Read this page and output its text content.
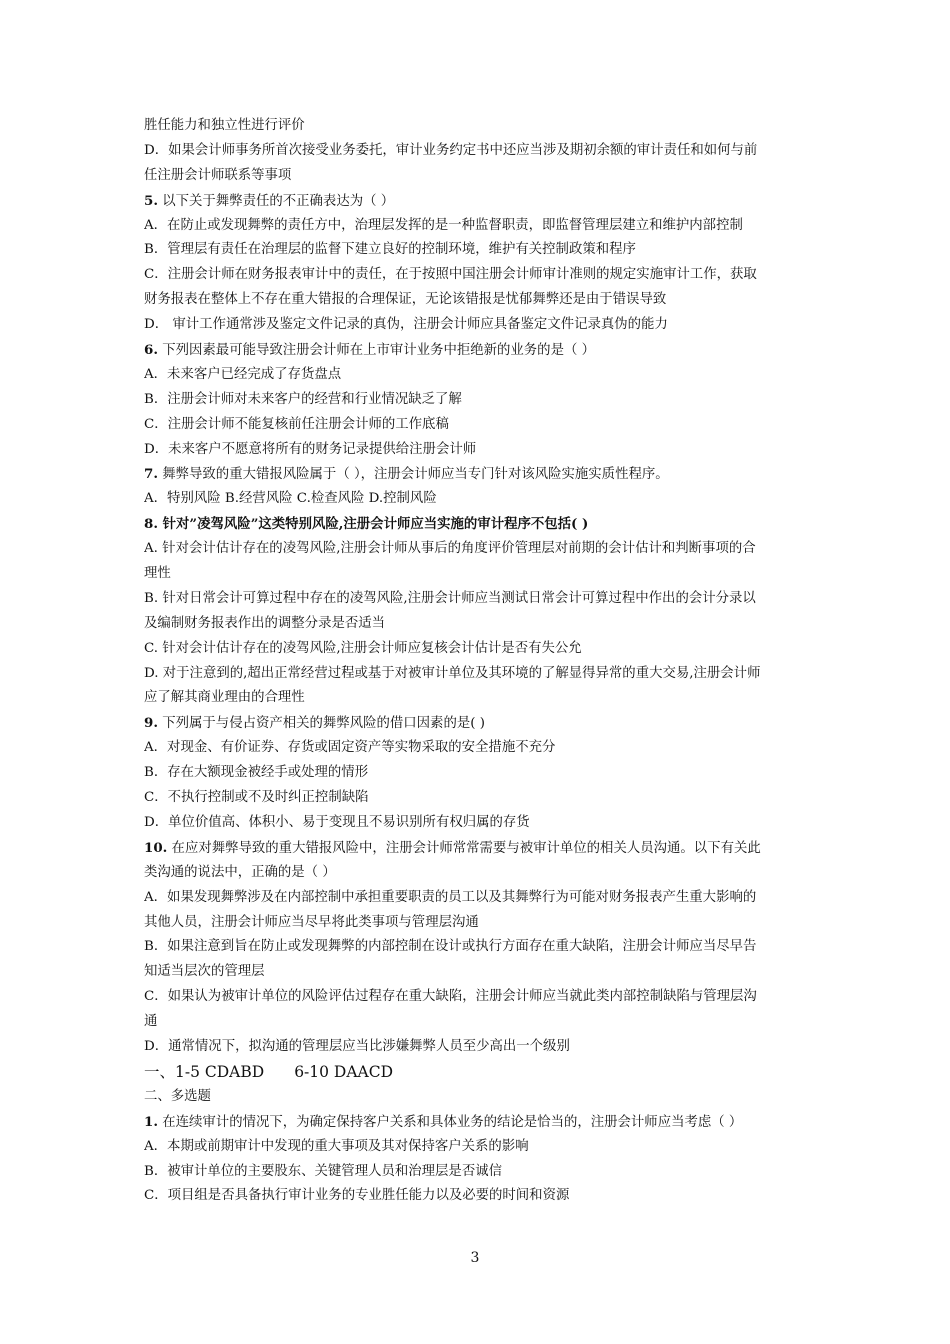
胜任能力和独立性进行评价
D．如果会计师事务所首次接受业务委托，审计业务约定书中还应当涉及期初余额的审计责任和如何与前
任注册会计师联系等事项
5. 以下关于舞弊责任的不正确表达为（ ）
A．在防止或发现舞弊的责任方中，治理层发挥的是一种监督职责，即监督管理层建立和维护内部控制
B．管理层有责任在治理层的监督下建立良好的控制环境，维护有关控制政策和程序
C．注册会计师在财务报表审计中的责任，在于按照中国注册会计师审计准则的规定实施审计工作，获取
财务报表在整体上不存在重大错报的合理保证，无论该错报是忧郁舞弊还是由于错误导致
D． 审计工作通常涉及鉴定文件记录的真伪，注册会计师应具备鉴定文件记录真伪的能力
6. 下列因素最可能导致注册会计师在上市审计业务中拒绝新的业务的是（ ）
A．未来客户已经完成了存货盘点
B．注册会计师对未来客户的经营和行业情况缺乏了解
C．注册会计师不能复核前任注册会计师的工作底稿
D．未来客户不愿意将所有的财务记录提供给注册会计师
7. 舞弊导致的重大错报风险属于（ ），注册会计师应当专门针对该风险实施实质性程序。
A．特别风险 B.经营风险 C.检查风险 D.控制风险
8. 针对”凌驾风险”这类特别风险,注册会计师应当实施的审计程序不包括( )
A. 针对会计估计存在的凌驾风险,注册会计师从事后的角度评价管理层对前期的会计估计和判断事项的合
理性
B. 针对日常会计可算过程中存在的凌驾风险,注册会计师应当测试日常会计可算过程中作出的会计分录以
及编制财务报表作出的调整分录是否适当
C. 针对会计估计存在的凌驾风险,注册会计师应复核会计估计是否有失公允
D. 对于注意到的,超出正常经营过程或基于对被审计单位及其环境的了解显得异常的重大交易,注册会计师
应了解其商业理由的合理性
9. 下列属于与侵占资产相关的舞弊风险的借口因素的是( )
A．对现金、有价证券、存货或固定资产等实物采取的安全措施不充分
B．存在大额现金被经手或处理的情形
C．不执行控制或不及时纠正控制缺陷
D．单位价值高、体积小、易于变现且不易识别所有权归属的存货
10. 在应对舞弊导致的重大错报风险中，注册会计师常常需要与被审计单位的相关人员沟通。以下有关此
类沟通的说法中，正确的是（ ）
A．如果发现舞弊涉及在内部控制中承担重要职责的员工以及其舞弊行为可能对财务报表产生重大影响的
其他人员，注册会计师应当尽早将此类事项与管理层沟通
B．如果注意到旨在防止或发现舞弊的内部控制在设计或执行方面存在重大缺陷，注册会计师应当尽早告
知适当层次的管理层
C．如果认为被审计单位的风险评估过程存在重大缺陷，注册会计师应当就此类内部控制缺陷与管理层沟
通
D．通常情况下，拟沟通的管理层应当比涉嫌舞弊人员至少高出一个级别
一、1-5 CDABD 6-10 DAACD
二、多选题
1. 在连续审计的情况下，为确定保持客户关系和具体业务的结论是恰当的，注册会计师应当考虑（ ）
A．本期或前期审计中发现的重大事项及其对保持客户关系的影响
B．被审计单位的主要股东、关键管理人员和治理层是否诚信
C．项目组是否具备执行审计业务的专业胜任能力以及必要的时间和资源
3
